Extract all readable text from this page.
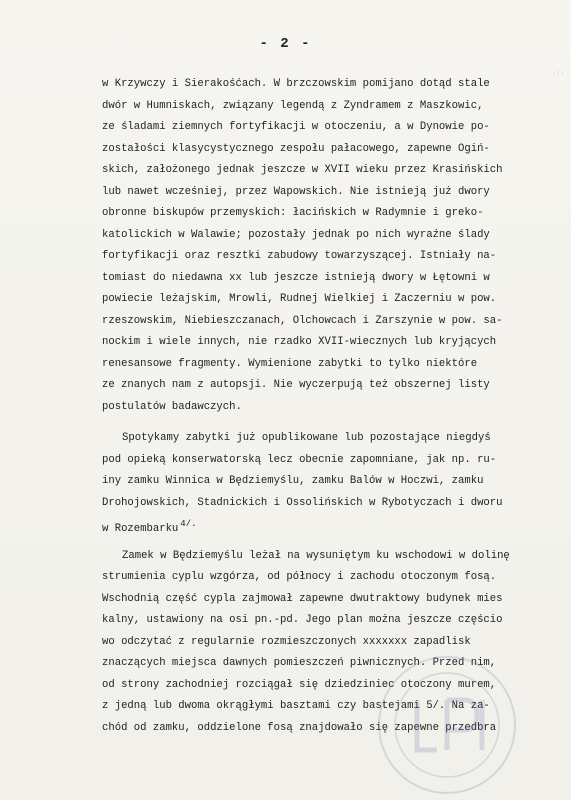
·:·
- 2 -
w Krzywczy i Sierakośćach. W brzczowskim pomijano dotąd stale
dwór w Humniskach, związany legendą z Zyndramem z Maszkowic,
ze śladami ziemnych fortyfikacji w otoczeniu, a w Dynowie po-
zostałości klasycystycznego zespołu pałacowego, zapewne Ogiń-
skich, założonego jednak jeszcze w XVII wieku przez Krasińskich
lub nawet wcześniej, przez Wapowskich. Nie istnieją już dwory
obronne biskupów przemyskich: łacińskich w Radymnie i greko-
katolickich w Walawie; pozostały jednak po nich wyraźne ślady
fortyfikacji oraz resztki zabudowy towarzyszącej. Istniały na-
tomiast do niedawna xx lub jeszcze istnieją dwory w Łętowni w
powiecie leżajskim, Mrowli, Rudnej Wielkiej i Zaczerniu w pow.
rzeszowskim, Niebieszczanach, Olchowcach i Zarszynie w pow. sa-
nockim i wiele innych, nie rzadko XVII-wiecznych lub kryjących
renesansowe fragmenty. Wymienione zabytki to tylko niektóre
ze znanych nam z autopsji. Nie wyczerpują też obszernej listy
postulatów badawczych.
Spotykamy zabytki już opublikowane lub pozostające niegdyś
pod opieką konserwatorską lecz obecnie zapomniane, jak np. ru-
iny zamku Winnica w Będziemyślu, zamku Balów w Hoczwi, zamku
Drohojowskich, Stadnickich i Ossolińskich w Rybotyczach i dworu
w Rozembarku $^{4/.}$
Zamek w Będziemyślu leżał na wysuniętym ku wschodowi w dolinę
strumienia cyplu wzgórza, od północy i zachodu otoczonym fosą.
Wschodnią część cypla zajmował zapewne dwutraktowy budynek mies
kalny, ustawiony na osi pn.-pd. Jego plan można jeszcze częścio
wo odczytać z regularnie rozmieszczonych xxxxxxx zapadlisk
znaczących miejsca dawnych pomieszczeń piwnicznych. Przed nim,
od strony zachodniej rozciągał się dziedziniec otoczony murem,
z jedną lub dwoma okrągłymi basztami czy bastejami 5/. Na za-
chód od zamku, oddzielone fosą znajdowało się zapewne przedbra
